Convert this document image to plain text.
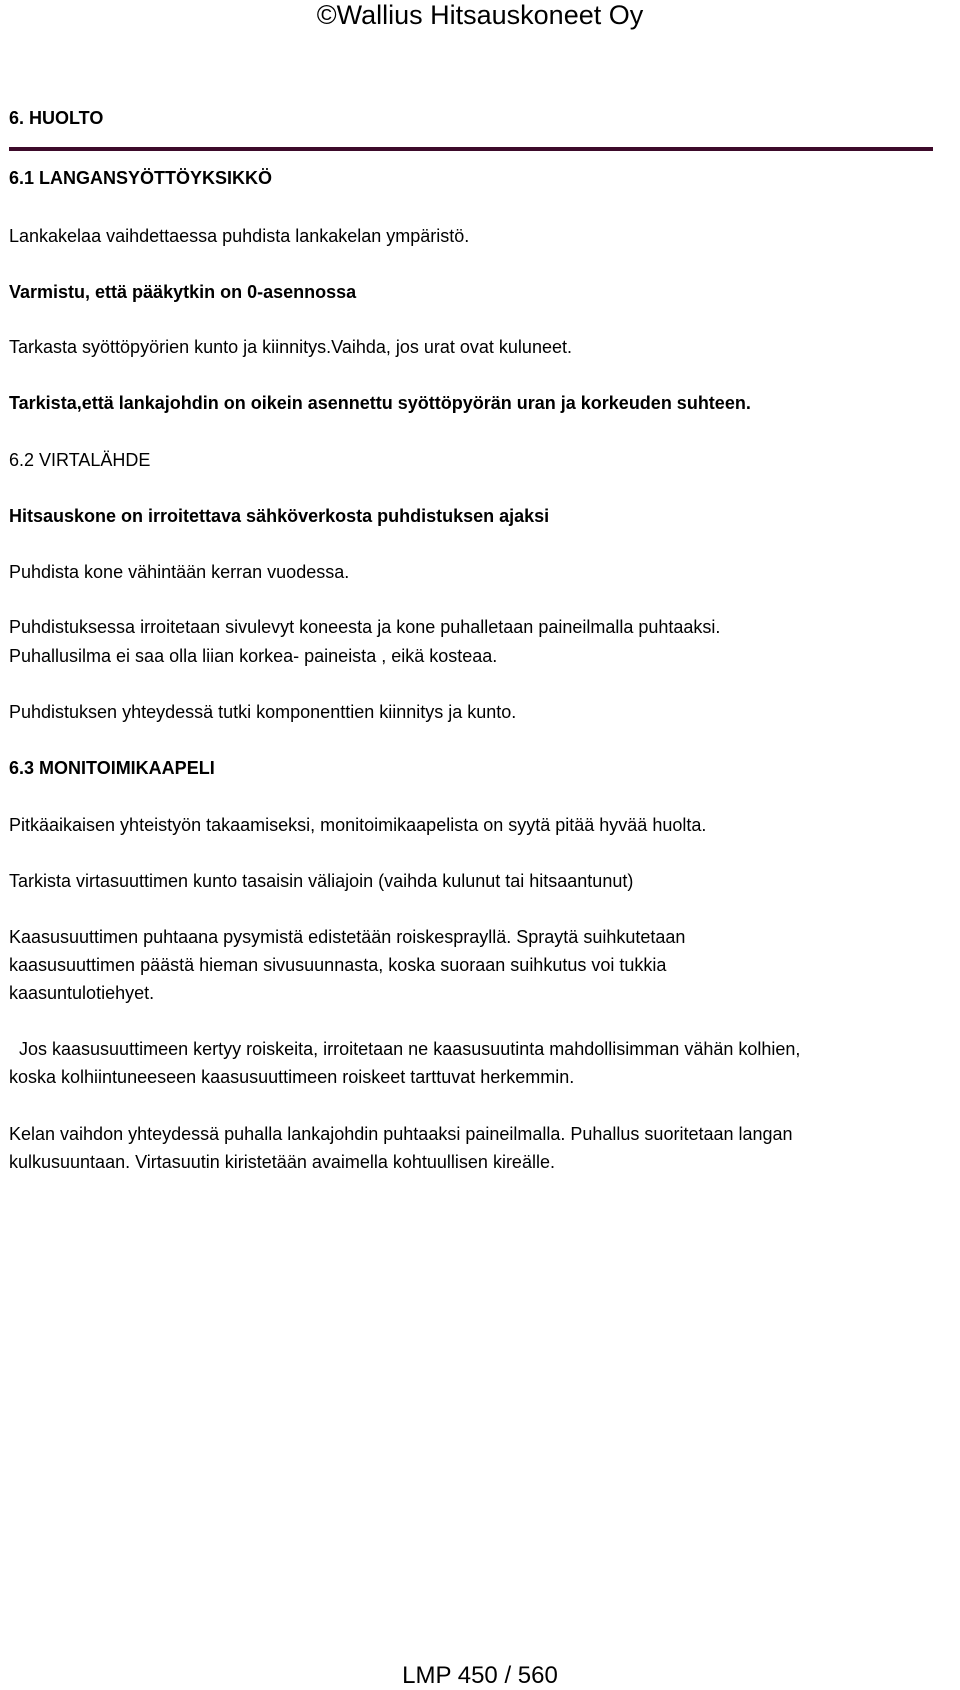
©Wallius Hitsauskoneet Oy
6. HUOLTO
6.1 LANGANSYÖTTÖYKSIKKÖ
Lankakelaa vaihdettaessa puhdista lankakelan ympäristö.
Varmistu, että pääkytkin on 0-asennossa
Tarkasta syöttöpyörien kunto ja kiinnitys.Vaihda, jos urat ovat kuluneet.
Tarkista,että lankajohdin on oikein asennettu syöttöpyörän uran ja korkeuden suhteen.
6.2 VIRTALÄHDE
Hitsauskone on irroitettava sähköverkosta puhdistuksen ajaksi
Puhdista kone vähintään kerran vuodessa.
Puhdistuksessa irroitetaan sivulevyt koneesta ja kone puhalletaan paineilmalla puhtaaksi.
Puhallusilma ei saa olla liian korkea- paineista , eikä kosteaa.
Puhdistuksen yhteydessä tutki komponenttien kiinnitys ja kunto.
6.3 MONITOIMIKAAPELI
Pitkäaikaisen yhteistyön takaamiseksi, monitoimikaapelista on syytä pitää hyvää huolta.
Tarkista virtasuuttimen kunto tasaisin väliajoin (vaihda kulunut tai hitsaantunut)
Kaasusuuttimen puhtaana pysymistä edistetään roiskesprayllä. Spraytä suihkutetaan
kaasusuuttimen päästä hieman sivusuunnasta, koska suoraan suihkutus voi tukkia
kaasuntulotiehyet.
Jos kaasusuuttimeen kertyy roiskeita, irroitetaan ne kaasusuutinta mahdollisimman vähän kolhien,
koska kolhiintuneeseen kaasusuuttimeen roiskeet tarttuvat herkemmin.
Kelan vaihdon yhteydessä puhalla lankajohdin puhtaaksi paineilmalla. Puhallus suoritetaan langan
kulkusuuntaan. Virtasuutin kiristetään avaimella kohtuullisen kireälle.
LMP 450 / 560
